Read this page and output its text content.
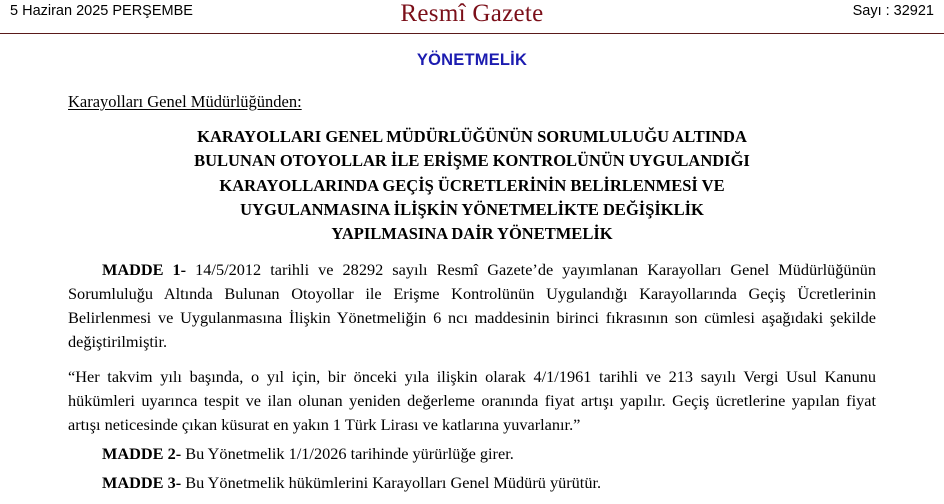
5 Haziran 2025 PERŞEMBE	Resmî Gazete	Sayı : 32921
YÖNETMELİK
Karayolları Genel Müdürlüğünden:
KARAYOLLARI GENEL MÜDÜRLÜĞÜNÜN SORUMLULUĞU ALTINDA
BULUNAN OTOYOLLAR İLE ERİŞME KONTROLÜNÜN UYGULANDIĞI
KARAYOLLARINDA GEÇİŞ ÜCRETLERİNİN BELİRLENMESİ VE
UYGULANMASINA İLİŞKİN YÖNETMELİKTE DEĞİŞİKLİK
YAPILMASINA DAİR YÖNETMELİK
MADDE 1- 14/5/2012 tarihli ve 28292 sayılı Resmî Gazete’de yayımlanan Karayolları Genel Müdürlüğünün Sorumluluğu Altında Bulunan Otoyollar ile Erişme Kontrolünün Uygulandığı Karayollarında Geçiş Ücretlerinin Belirlenmesi ve Uygulanmasına İlişkin Yönetmeliğin 6 ncı maddesinin birinci fıkrasının son cümlesi aşağıdaki şekilde değiştirilmiştir.
“Her takvim yılı başında, o yıl için, bir önceki yıla ilişkin olarak 4/1/1961 tarihli ve 213 sayılı Vergi Usul Kanunu hükümleri uyarınca tespit ve ilan olunan yeniden değerleme oranında fiyat artışı yapılır. Geçiş ücretlerine yapılan fiyat artışı neticesinde çıkan küsurat en yakın 1 Türk Lirası ve katlarına yuvarlanır.”
MADDE 2- Bu Yönetmelik 1/1/2026 tarihinde yürürlüğe girer.
MADDE 3- Bu Yönetmelik hükümlerini Karayolları Genel Müdürü yürütür.
